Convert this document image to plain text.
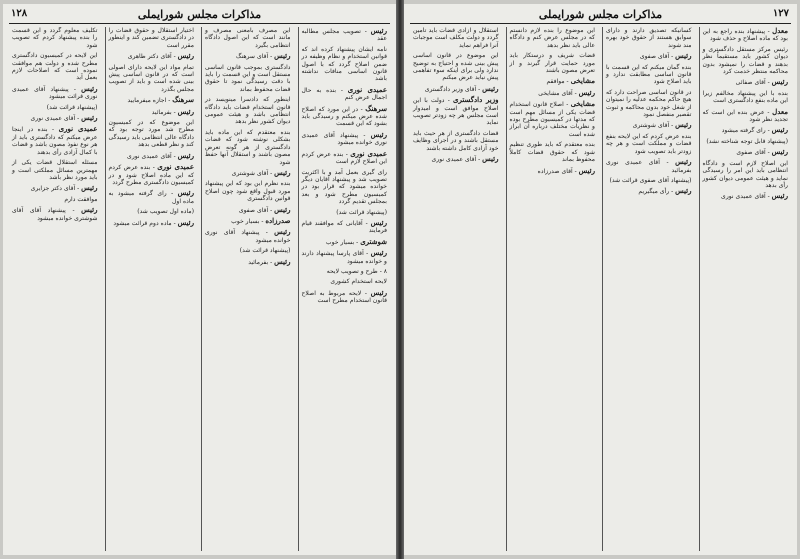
۱۲۸	مذاکرات مجلس شورایملی

رئیس - تصویب مجلس مطالبه عقد

نامه ایشان پیشنهاد کرده اند که قوانین استخدام و نظام وظیفه در ضمن اصلاح گردد که با اصول قانون اساسی منافات نداشته باشد

عمیدی نوری - بنده به حال اجمال عرض کنم

سرهنگ - در این مورد که اصلاح شده عرض میکنم و رسیدگی باید بشود که این قسمت

رئیس - پیشنهاد آقای عمیدی نوری خوانده میشود

عمیدی نوری - بنده عرض کردم این اصلاح لازم است

رای گیری بعمل آمد و با اکثریت تصویب شد و پیشنهاد آقایان دیگر خوانده میشود که قرار بود در کمیسیون مطرح شود و بعد بمجلس تقدیم گردد

(پیشنهاد قرائت شد)

رئیس - آقایانی که موافقند قیام فرمایند

شوشتری - بسیار خوب

رئیس - آقای پارسا پیشنهاد دارند و خوانده میشود

۸ - طرح و تصویب لایحه

لایحه استخدام کشوری

رئیس - لایحه مربوط به اصلاح قانون استخدام مطرح است

این مصرف بامعنی مصرف و مانند است که این اصول دادگاه انتظامی بگیرد

رئیس - آقای سرهنگ

دادگستری بموجب قانون اساسی مستقل است و این قسمت را باید با دقت رسیدگی نمود تا حقوق قضات محفوظ بماند

اینطور که دادسرا مینویسد در قانون استخدام قضات باید دادگاه انتظامی باشد و هیئت عمومی دیوان کشور نظر بدهد

بنده معتقدم که این ماده باید بشکلی نوشته شود که قضات دادگستری از هر گونه تعرض مصون باشند و استقلال آنها حفظ شود

رئیس - آقای شوشتری

بنده نظرم این بود که این پیشنهاد مورد قبول واقع شود چون اصلاح قوانین دادگستری

رئیس - آقای صفوی

صدرزاده - بسیار خوب

رئیس - پیشنهاد آقای نوری خوانده میشود

(پیشنهاد قرائت شد)

رئیس - بفرمائید

اختیار استقلال و حقوق قضات را در دادگستری تضمین کند و اینطور مقرر است

رئیس - آقای دکتر طاهری

تمام مواد این لایحه دارای اصولی است که در قانون اساسی پیش بینی شده است و باید از تصویب مجلس بگذرد

سرهنگ - اجازه میفرمایید

رئیس - بفرمائید

این موضوع که در کمیسیون مطرح شد مورد توجه بود که دادگاه عالی انتظامی باید رسیدگی کند و نظر قطعی بدهد

رئیس - آقای عمیدی نوری

عمیدی نوری - بنده عرض کردم که این ماده اصلاح شود و در کمیسیون دادگستری مطرح گردد

رئیس - رای گرفته میشود به ماده اول

(ماده اول تصویب شد)

رئیس - ماده دوم قرائت میشود

تکلیف معلوم گردد و این قسمت را بنده پیشنهاد کردم که تصویب شود

این لایحه در کمیسیون دادگستری مطرح شده و دولت هم موافقت نموده است که اصلاحات لازم بعمل آید

رئیس - پیشنهاد آقای عمیدی نوری قرائت میشود

(پیشنهاد قرائت شد)

رئیس - آقای عمیدی نوری

عمیدی نوری - بنده در اینجا عرض میکنم که دادگستری باید از هر نوع نفوذ مصون باشد و قضات با کمال آزادی رأی بدهند

مسئله استقلال قضات یکی از مهمترین مسائل مملکتی است و باید مورد نظر باشد

رئیس - آقای دکتر جزایری

موافقت دارم

رئیس - پیشنهاد آقای آقای شوشتری خوانده میشود

۱۲۷
مذاکرات مجلس شورایملی

معدل - پیشنهاد بنده راجع به این بود که ماده اصلاح و حذف شود

رئیس مرکز مستقل دادگستری و دیوان کشور باید مستقیماً نظر بدهند و قضات را نمیشود بدون محاکمه منتظر خدمت کرد

رئیس - آقای صفائی

بنده با این پیشنهاد مخالفم زیرا این ماده بنفع دادگستری است

معدل - عرض بنده این است که تجدید نظر شود

رئیس - رای گرفته میشود

(پیشنهاد قابل توجه شناخته نشد)

رئیس - آقای صفوی

این اصلاح لازم است و دادگاه انتظامی باید این امر را رسیدگی نماید و هیئت عمومی دیوان کشور رأی بدهد

رئیس - آقای عمیدی نوری

کسانیکه تصدیق دارند و دارای سوابق هستند از حقوق خود بهره مند شوند

رئیس - آقای صفوی

بنده گمان میکنم که این قسمت با قانون اساسی مطابقت ندارد و باید اصلاح شود

در قانون اساسی صراحت دارد که هیچ حاکم محکمه عدلیه را نمیتوان از شغل خود بدون محاکمه و ثبوت تقصیر منفصل نمود

رئیس - آقای شوشتری

بنده عرض کردم که این لایحه بنفع قضات و مملکت است و هر چه زودتر باید تصویب شود

رئیس - آقای عمیدی نوری بفرمائید

(پیشنهاد آقای صفوی قرائت شد)

رئیس - رأی میگیریم

این موضوع را بنده لازم دانستم که در مجلس عرض کنم و دادگاه عالی باید نظر بدهد

قضات شریف و درستکار باید مورد حمایت قرار گیرند و از تعرض مصون باشند

مشایخی - موافقم

رئیس - آقای مشایخی

مشایخی - اصلاح قانون استخدام قضات یکی از مسائل مهم است که مدتها در کمیسیون مطرح بوده و نظریات مختلف درباره آن ابراز شده است

بنده معتقدم که باید طوری تنظیم شود که حقوق قضات کاملاً محفوظ بماند

رئیس - آقای صدرزاده

استقلال و آزادی قضات باید تأمین گردد و دولت مکلف است موجبات آنرا فراهم نماید

این موضوع در قانون اساسی پیش بینی شده و احتیاج به توضیح ندارد ولی برای اینکه سوء تفاهمی پیش نیاید عرض میکنم

رئیس - آقای وزیر دادگستری

وزیر دادگستری - دولت با این اصلاح موافق است و امیدوار است مجلس هر چه زودتر تصویب نماید

قضات دادگستری از هر حیث باید مستقل باشند و در اجرای وظایف خود آزادی کامل داشته باشند

رئیس - آقای عمیدی نوری
